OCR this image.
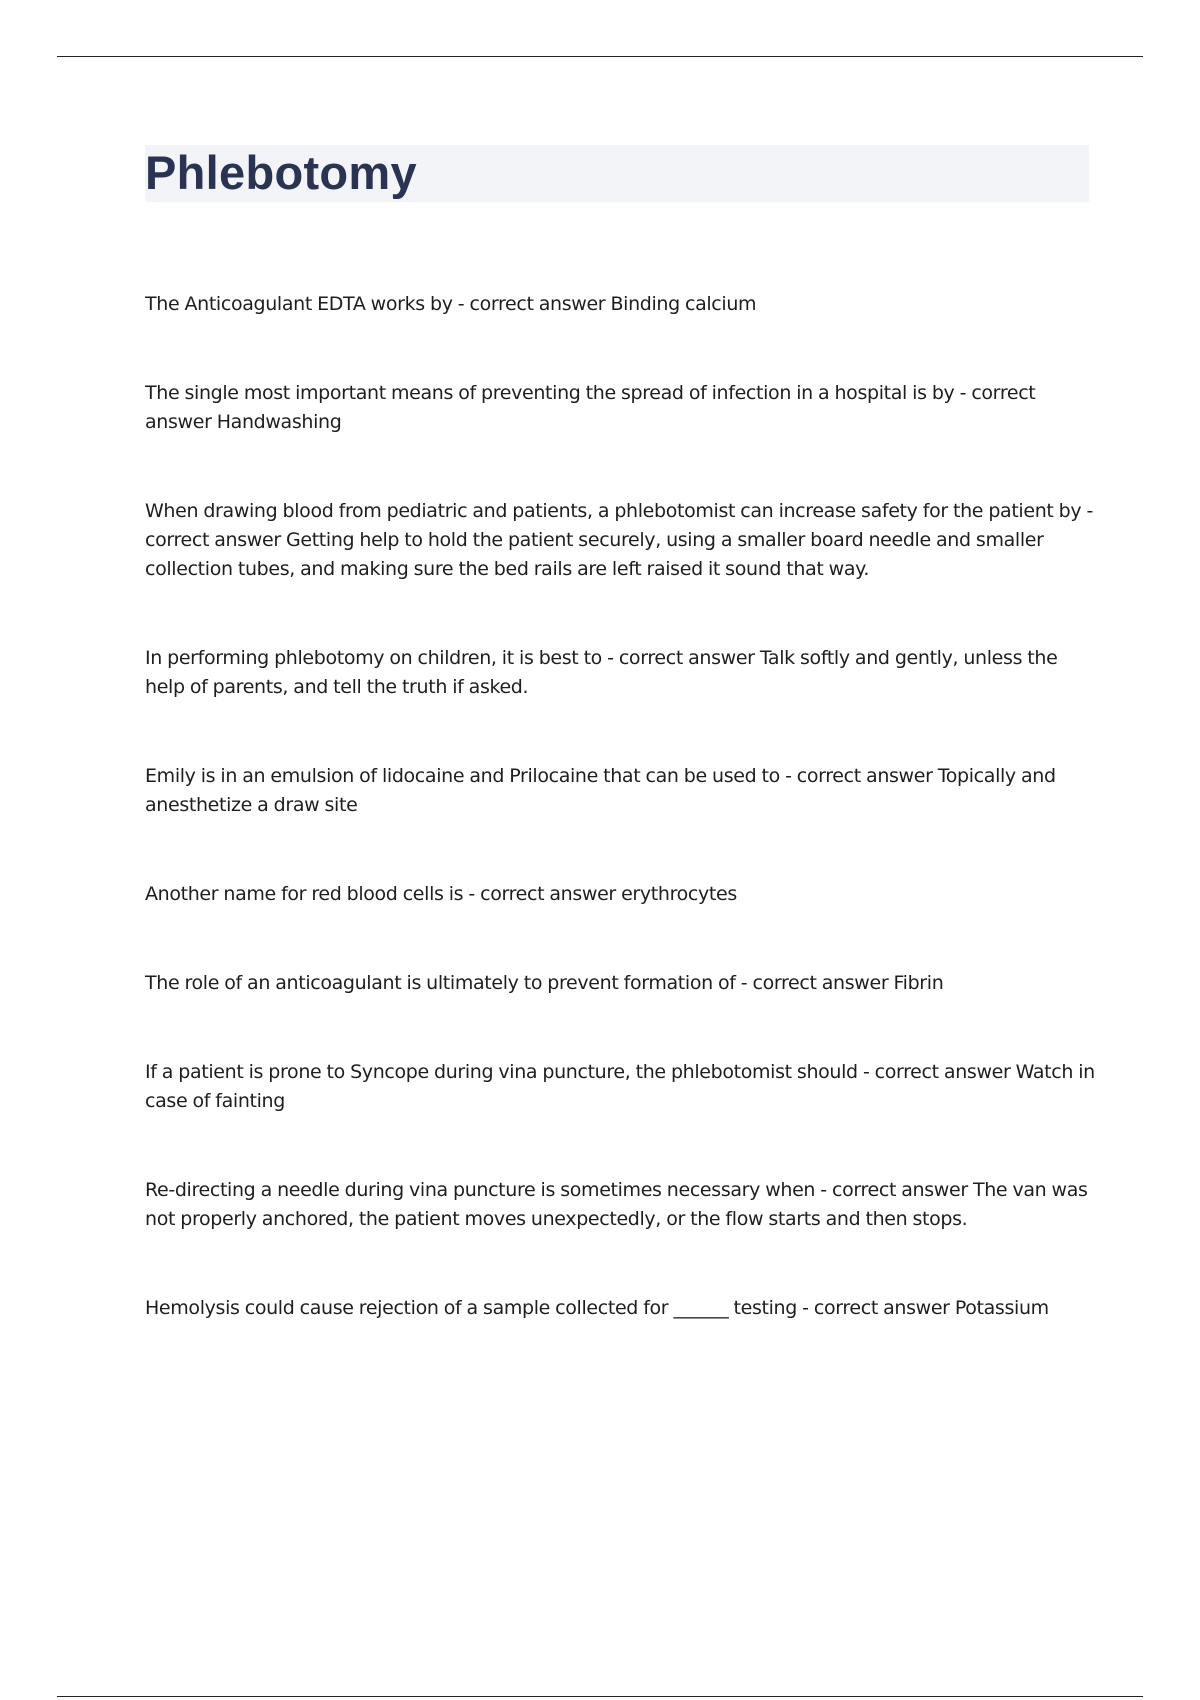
Phlebotomy
The Anticoagulant EDTA works by - correct answer Binding calcium
The single most important means of preventing the spread of infection in a hospital is by - correct answer Handwashing
When drawing blood from pediatric and patients, a phlebotomist can increase safety for the patient by - correct answer Getting help to hold the patient securely, using a smaller board needle and smaller collection tubes, and making sure the bed rails are left raised it sound that way.
In performing phlebotomy on children, it is best to - correct answer Talk softly and gently, unless the help of parents, and tell the truth if asked.
Emily is in an emulsion of lidocaine and Prilocaine that can be used to - correct answer Topically and anesthetize a draw site
Another name for red blood cells is - correct answer erythrocytes
The role of an anticoagulant is ultimately to prevent formation of - correct answer Fibrin
If a patient is prone to Syncope during vina puncture, the phlebotomist should - correct answer Watch in case of fainting
Re-directing a needle during vina puncture is sometimes necessary when - correct answer The van was not properly anchored, the patient moves unexpectedly, or the flow starts and then stops.
Hemolysis could cause rejection of a sample collected for ______ testing - correct answer Potassium
